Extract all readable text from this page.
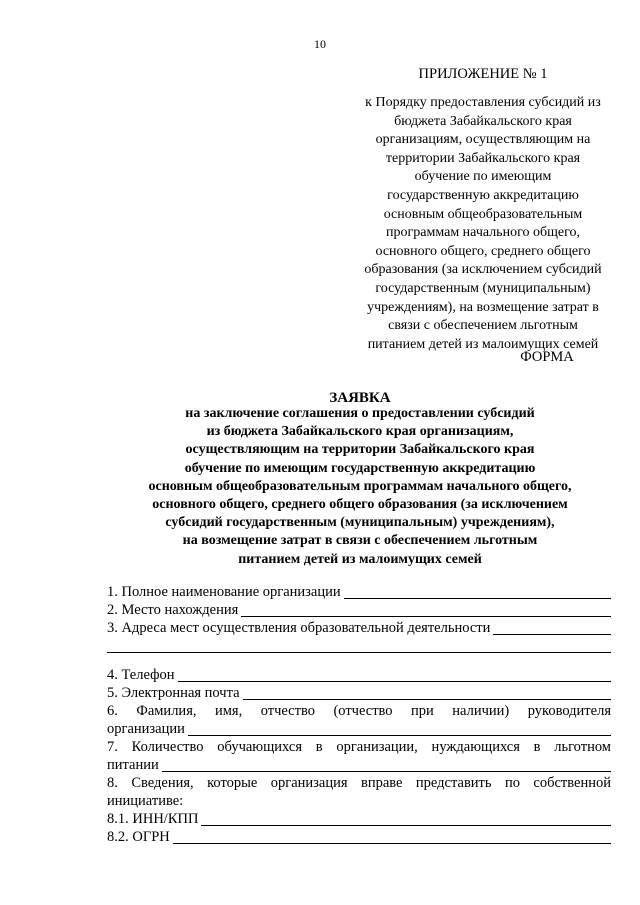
10
ПРИЛОЖЕНИЕ № 1
к Порядку предоставления субсидий из
бюджета Забайкальского края
организациям, осуществляющим на
территории Забайкальского края
обучение по имеющим
государственную аккредитацию
основным общеобразовательным
программам начального общего,
основного общего, среднего общего
образования (за исключением субсидий
государственным (муниципальным)
учреждениям), на возмещение затрат в
связи с обеспечением льготным
питанием детей из малоимущих семей
ФОРМА
ЗАЯВКА
на заключение соглашения о предоставлении субсидий
из бюджета Забайкальского края организациям,
осуществляющим на территории Забайкальского края
обучение по имеющим государственную аккредитацию
основным общеобразовательным программам начального общего,
основного общего, среднего общего образования (за исключением
субсидий государственным (муниципальным) учреждениям),
на возмещение затрат в связи с обеспечением льготным
питанием детей из малоимущих семей
1. Полное наименование организации
2. Место нахождения
3. Адреса мест осуществления образовательной деятельности
4. Телефон
5. Электронная почта
6. Фамилия, имя, отчество (отчество при наличии) руководителя
организации
7. Количество обучающихся в организации, нуждающихся в льготном
питании
8. Сведения, которые организация вправе представить по собственной
инициативе:
8.1. ИНН/КПП
8.2. ОГРН
